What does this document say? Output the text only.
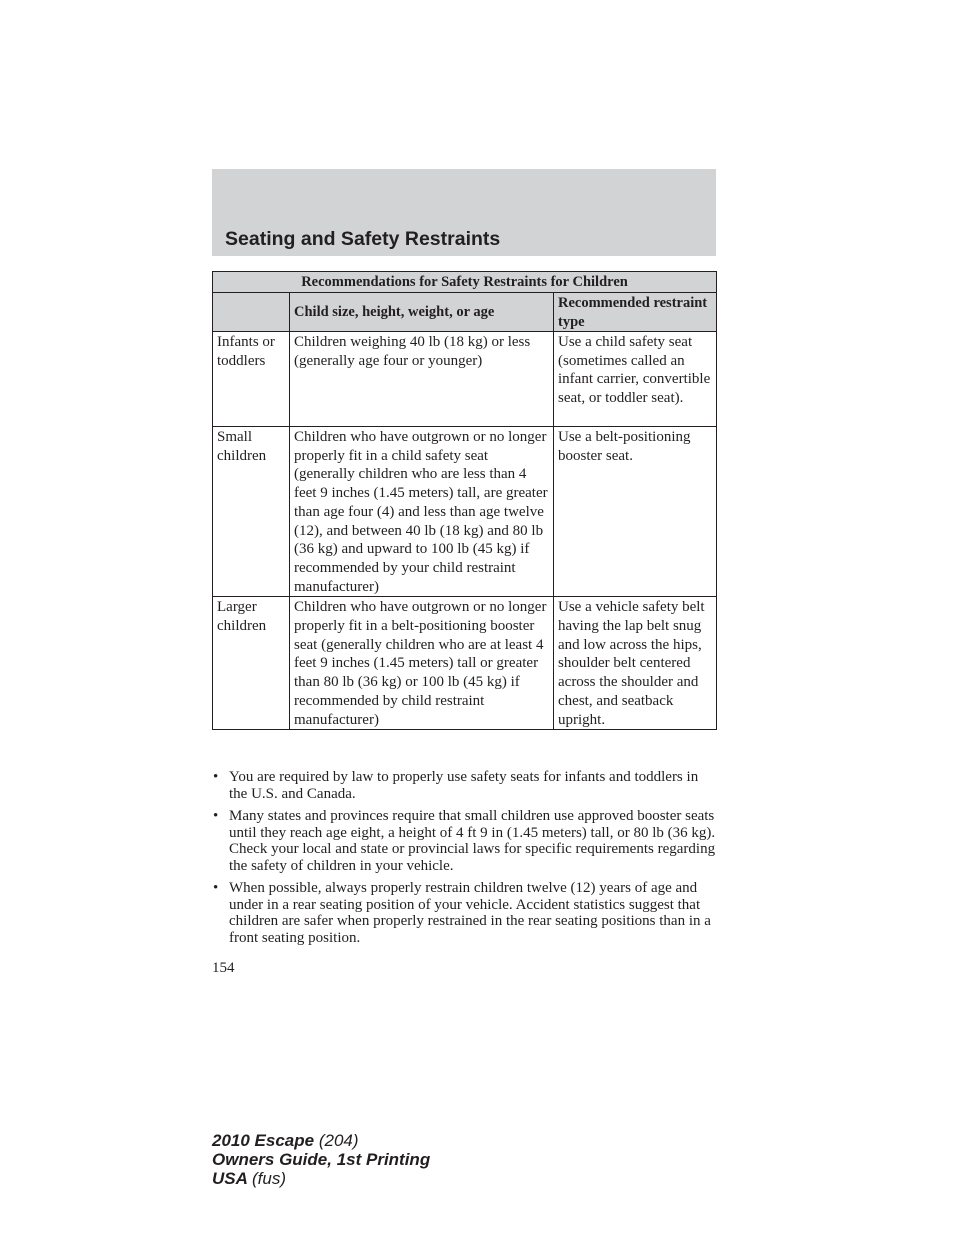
Seating and Safety Restraints
Recommendations for Safety Restraints for Children		
	Child size, height, weight, or age	Recommended restraint type
Infants or toddlers	Children weighing 40 lb (18 kg) or less (generally age four or younger)	Use a child safety seat (sometimes called an infant carrier, convertible seat, or toddler seat).
Small children	Children who have outgrown or no longer properly fit in a child safety seat (generally children who are less than 4 feet 9 inches (1.45 meters) tall, are greater than age four (4) and less than age twelve (12), and between 40 lb (18 kg) and 80 lb (36 kg) and upward to 100 lb (45 kg) if recommended by your child restraint manufacturer)	Use a belt-positioning booster seat.
Larger children	Children who have outgrown or no longer properly fit in a belt-positioning booster seat (generally children who are at least 4 feet 9 inches (1.45 meters) tall or greater than 80 lb (36 kg) or 100 lb (45 kg) if recommended by child restraint manufacturer)	Use a vehicle safety belt having the lap belt snug and low across the hips, shoulder belt centered across the shoulder and chest, and seatback upright.
• You are required by law to properly use safety seats for infants and toddlers in the U.S. and Canada.
• Many states and provinces require that small children use approved booster seats until they reach age eight, a height of 4 ft 9 in (1.45 meters) tall, or 80 lb (36 kg). Check your local and state or provincial laws for specific requirements regarding the safety of children in your vehicle.
• When possible, always properly restrain children twelve (12) years of age and under in a rear seating position of your vehicle. Accident statistics suggest that children are safer when properly restrained in the rear seating positions than in a front seating position.
154
2010 Escape (204)
Owners Guide, 1st Printing
USA (fus)
